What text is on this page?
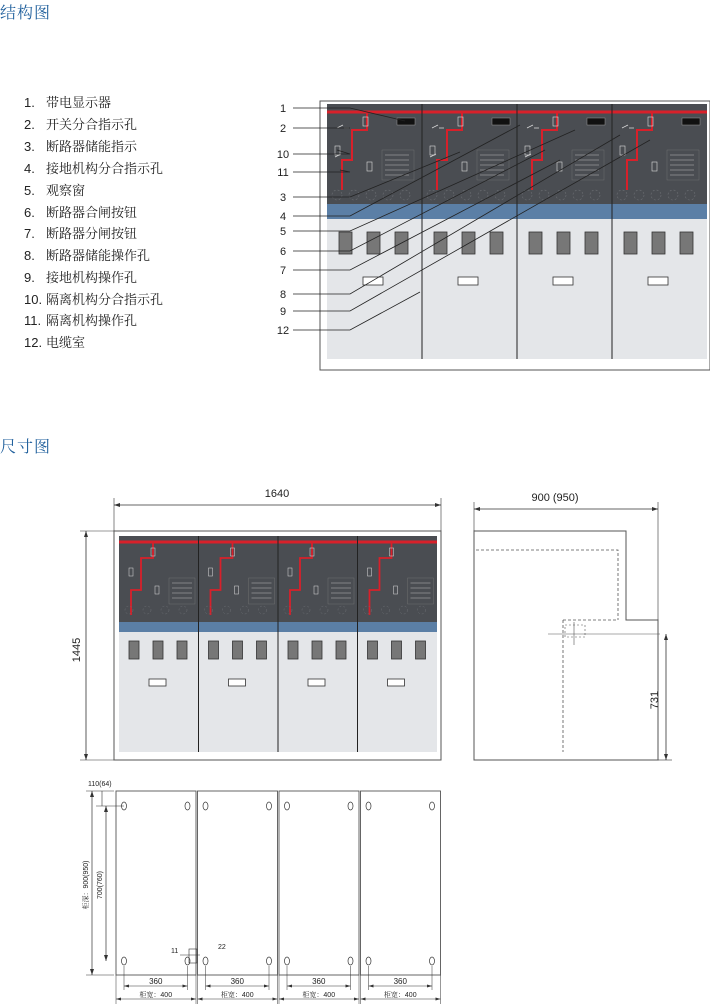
结构图
尺寸图
1. 带电显示器
2. 开关分合指示孔
3. 断路器储能指示
4. 接地机构分合指示孔
5. 观察窗
6. 断路器合闸按钮
7. 断路器分闸按钮
8. 断路器储能操作孔
9. 接地机构操作孔
10. 隔离机构分合指示孔
11. 隔离机构操作孔
12. 电缆室
1
2
10
11
3
4
5
6
7
8
9
12
1640
1445
900 (950)
731
360
柜宽：400
360
柜宽：400
360
柜宽：400
360
柜宽：400
110(64)
柜深：900(950) 700(760)
11
22
